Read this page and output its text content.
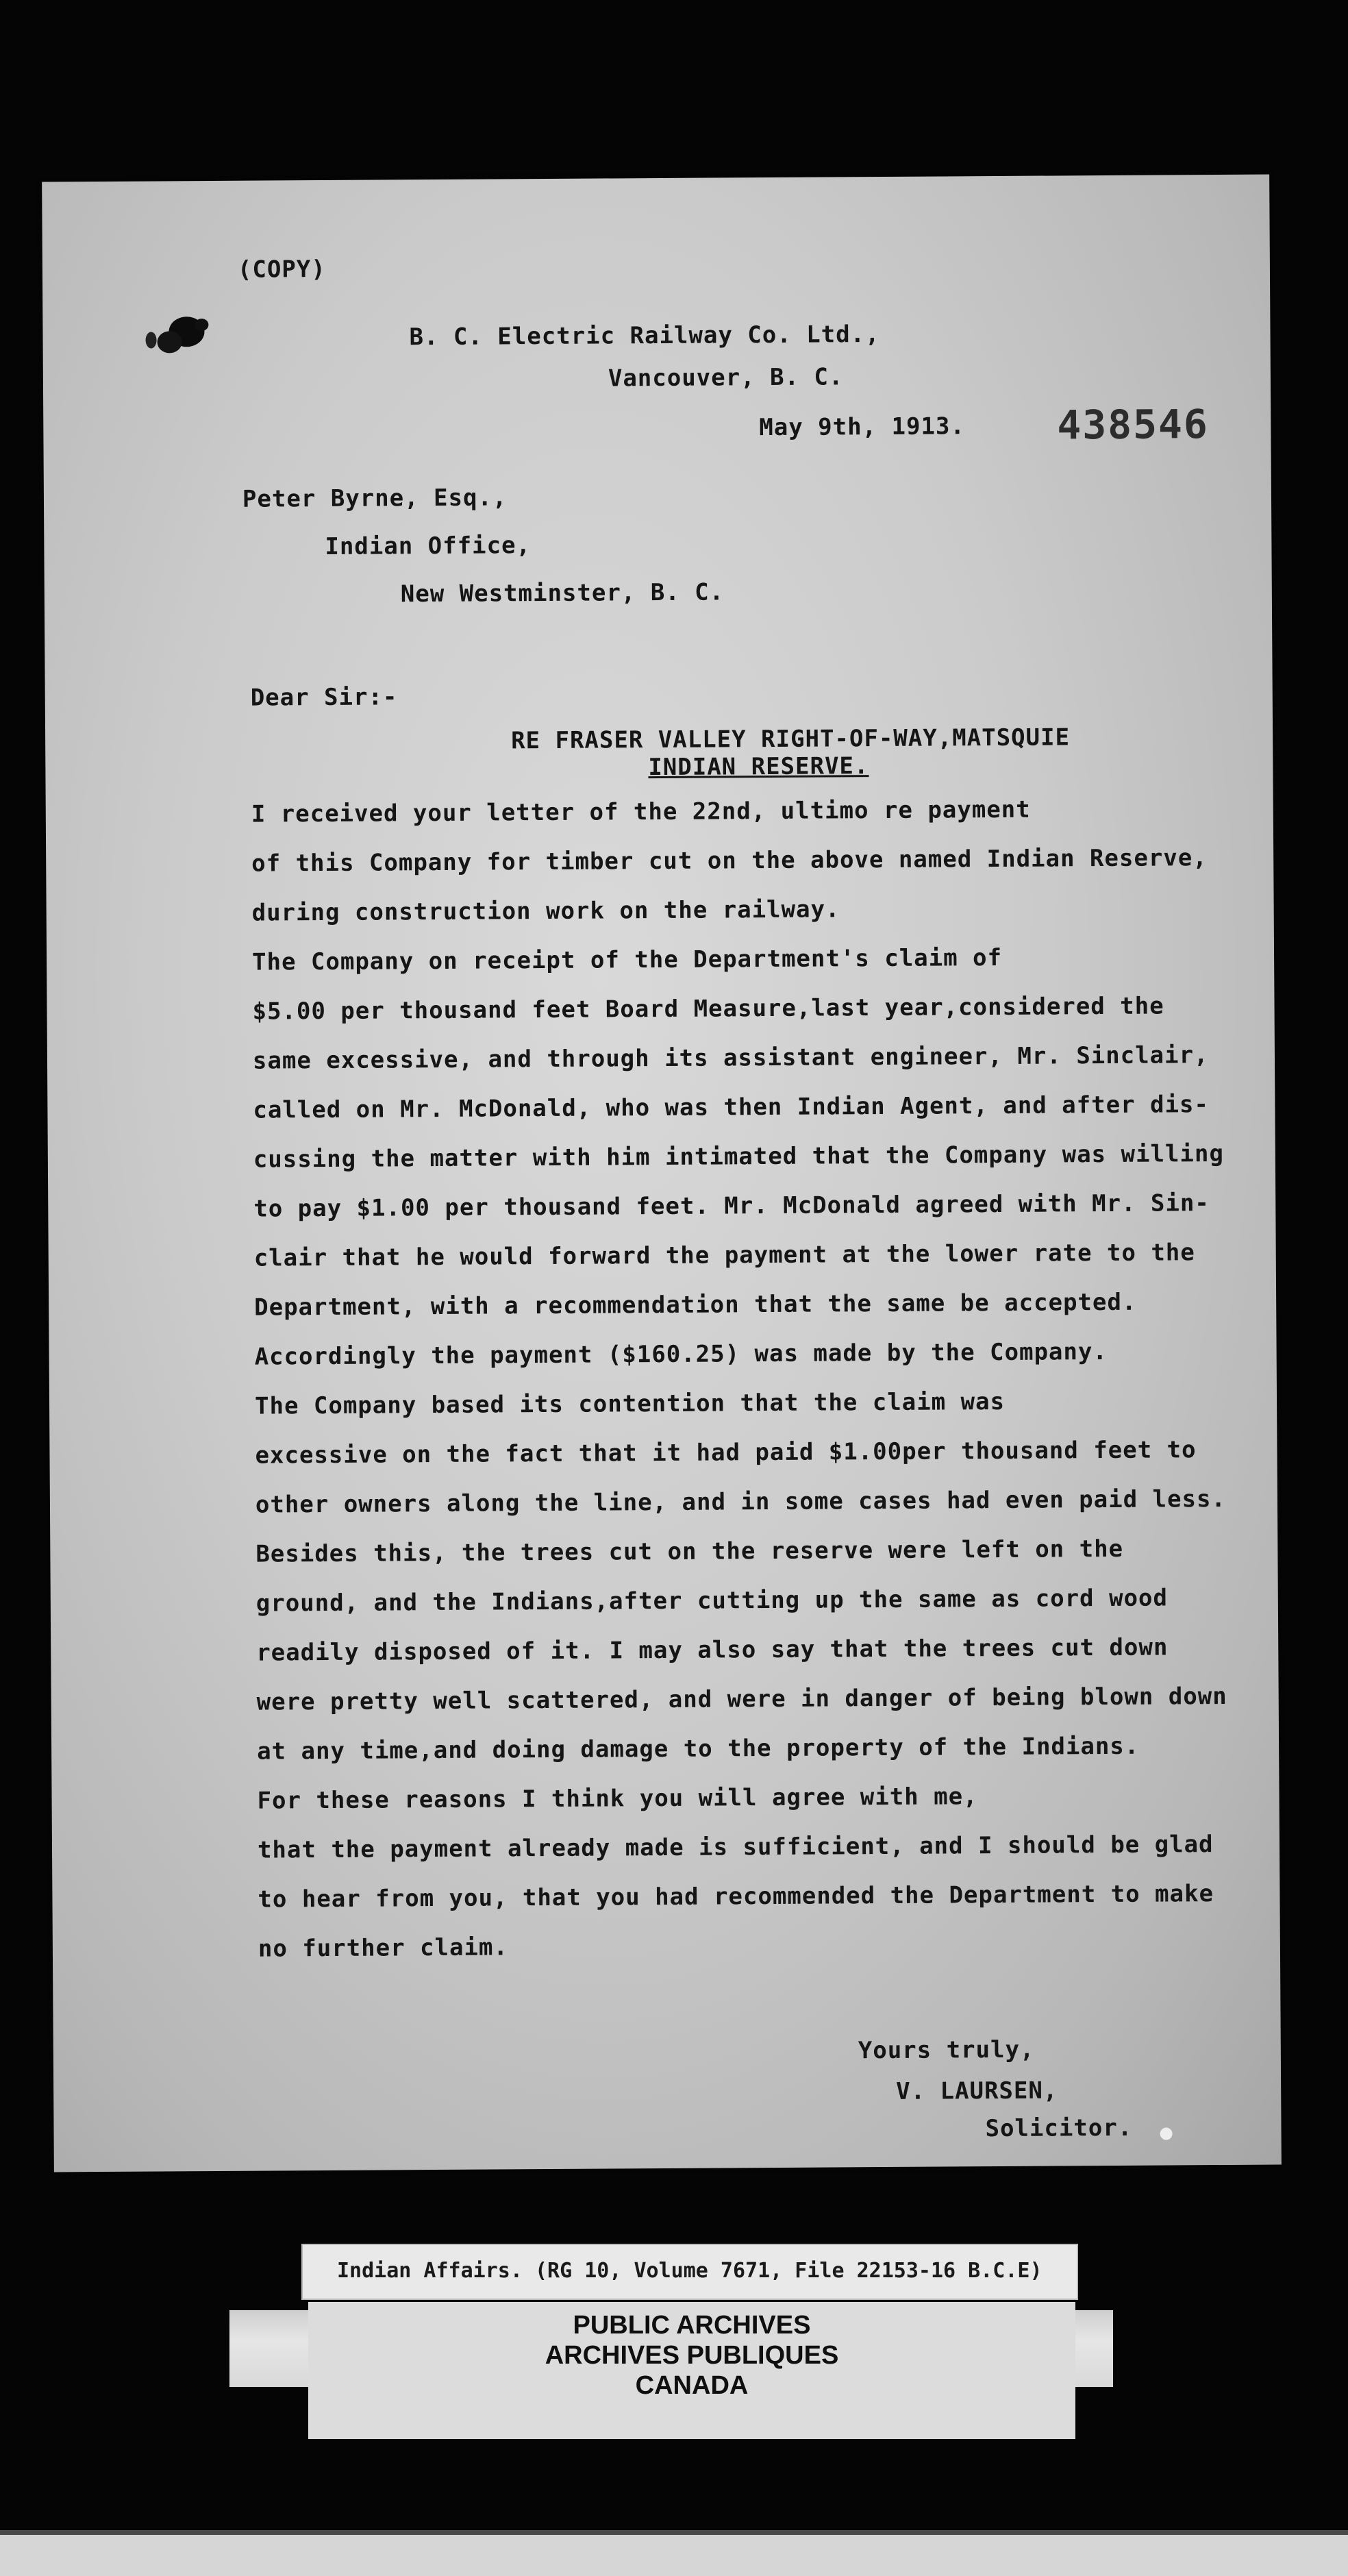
(COPY)
B. C. Electric Railway Co. Ltd.,
Vancouver, B. C.
May 9th, 1913. 438546
Peter Byrne, Esq.,
Indian Office,
New Westminster, B. C.
Dear Sir:-
RE FRASER VALLEY RIGHT-OF-WAY,MATSQUIE
INDIAN RESERVE.
I received your letter of the 22nd, ultimo re payment
of this Company for timber cut on the above named Indian Reserve,
during construction work on the railway.
The Company on receipt of the Department's claim of
$5.00 per thousand feet Board Measure,last year,considered the
same excessive, and through its assistant engineer, Mr. Sinclair,
called on Mr. McDonald, who was then Indian Agent, and after dis-
cussing the matter with him intimated that the Company was willing
to pay $1.00 per thousand feet. Mr. McDonald agreed with Mr. Sin-
clair that he would forward the payment at the lower rate to the
Department, with a recommendation that the same be accepted.
Accordingly the payment ($160.25) was made by the Company.
The Company based its contention that the claim was
excessive on the fact that it had paid $1.00per thousand feet to
other owners along the line, and in some cases had even paid less.
Besides this, the trees cut on the reserve were left on the
ground, and the Indians,after cutting up the same as cord wood
readily disposed of it. I may also say that the trees cut down
were pretty well scattered, and were in danger of being blown down
at any time,and doing damage to the property of the Indians.
For these reasons I think you will agree with me,
that the payment already made is sufficient, and I should be glad
to hear from you, that you had recommended the Department to make
no further claim.
Yours truly,
V. LAURSEN,
Solicitor.
Indian Affairs. (RG 10, Volume 7671, File 22153-16 B.C.E)
PUBLIC ARCHIVES
ARCHIVES PUBLIQUES
CANADA
